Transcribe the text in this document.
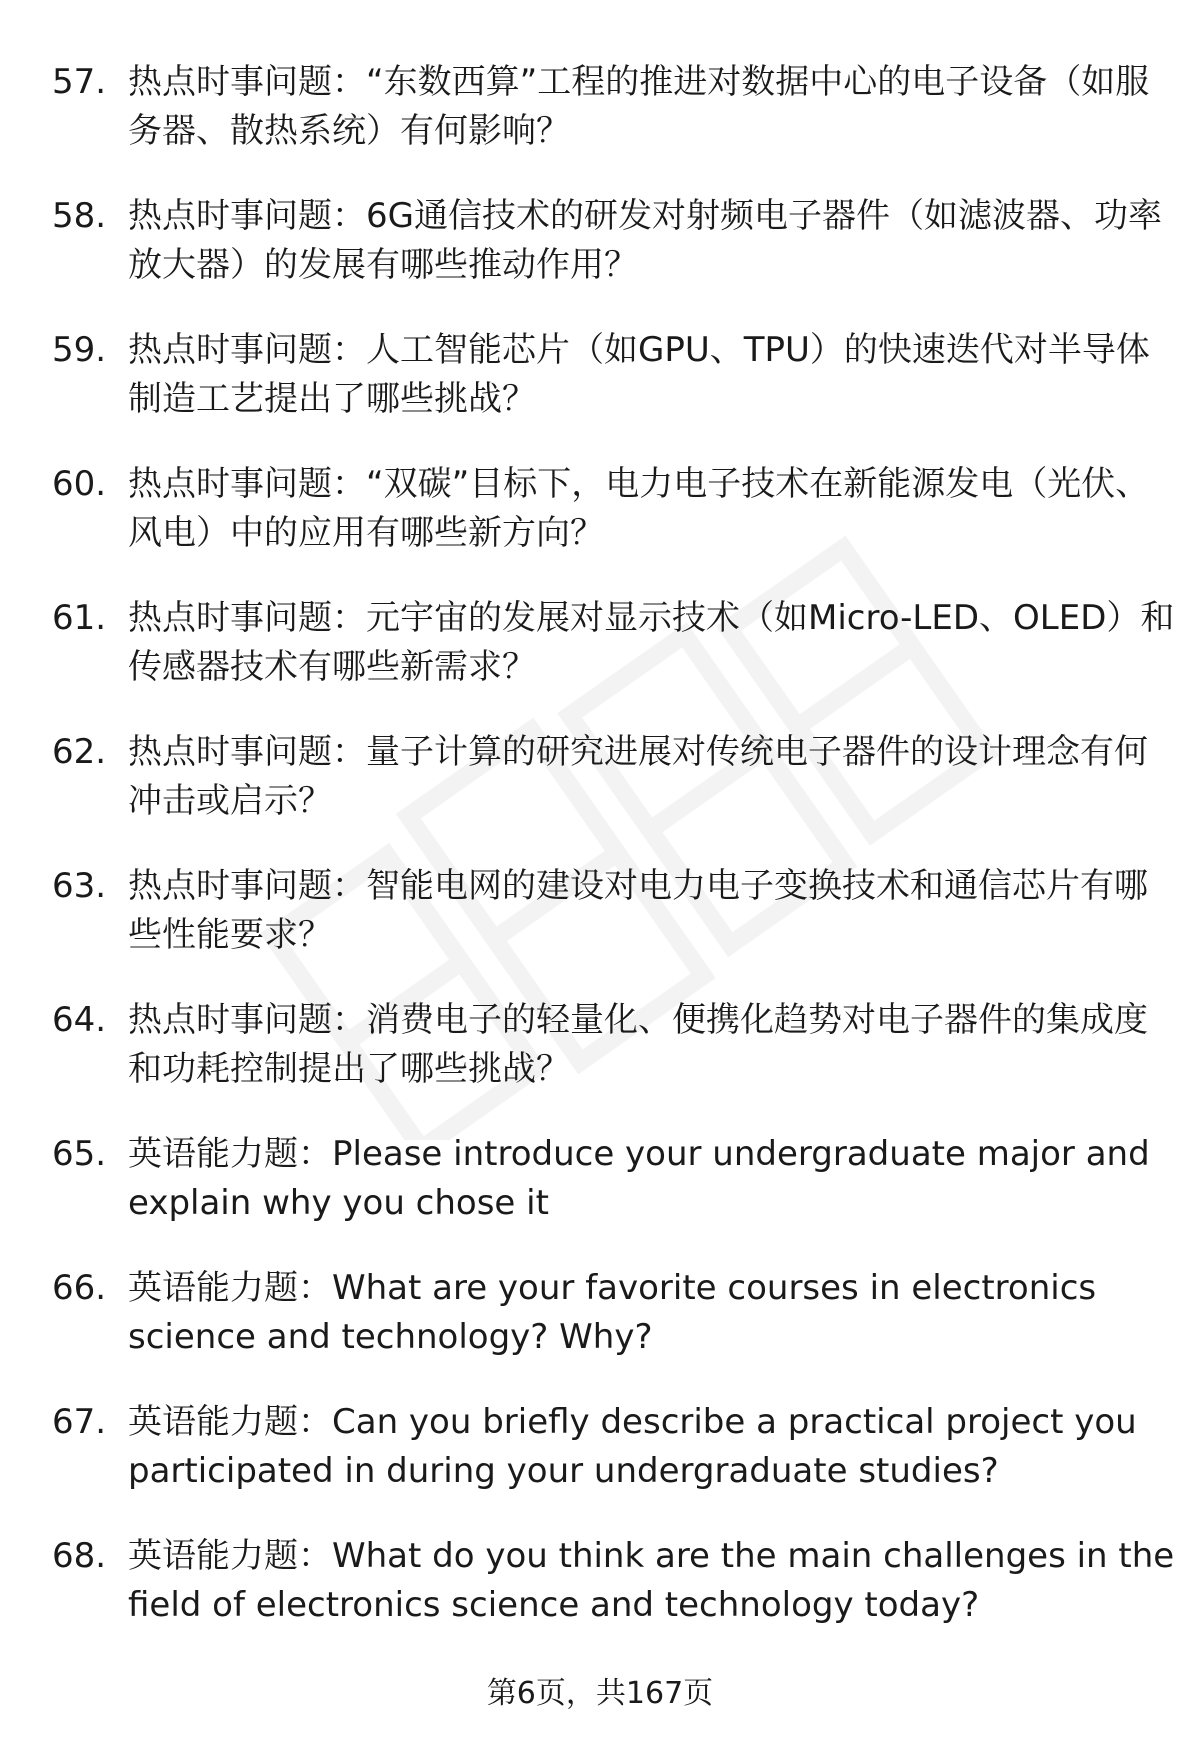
57. 热点时事问题：“东数西算”工程的推进对数据中心的电子设备（如服务器、散热系统）有何影响？
58. 热点时事问题：6G通信技术的研发对射频电子器件（如滤波器、功率放大器）的发展有哪些推动作用？
59. 热点时事问题：人工智能芯片（如GPU、TPU）的快速迭代对半导体制造工艺提出了哪些挑战？
60. 热点时事问题：“双碳”目标下，电力电子技术在新能源发电（光伏、风电）中的应用有哪些新方向？
61. 热点时事问题：元宇宙的发展对显示技术（如Micro-LED、OLED）和传感器技术有哪些新需求？
62. 热点时事问题：量子计算的研究进展对传统电子器件的设计理念有何冲击或启示？
63. 热点时事问题：智能电网的建设对电力电子变换技术和通信芯片有哪些性能要求？
64. 热点时事问题：消费电子的轻量化、便携化趋势对电子器件的集成度和功耗控制提出了哪些挑战？
65. 英语能力题：Please introduce your undergraduate major and explain why you chose it
66. 英语能力题：What are your favorite courses in electronics science and technology? Why?
67. 英语能力题：Can you briefly describe a practical project you participated in during your undergraduate studies?
68. 英语能力题：What do you think are the main challenges in the field of electronics science and technology today?
第6页，共167页
